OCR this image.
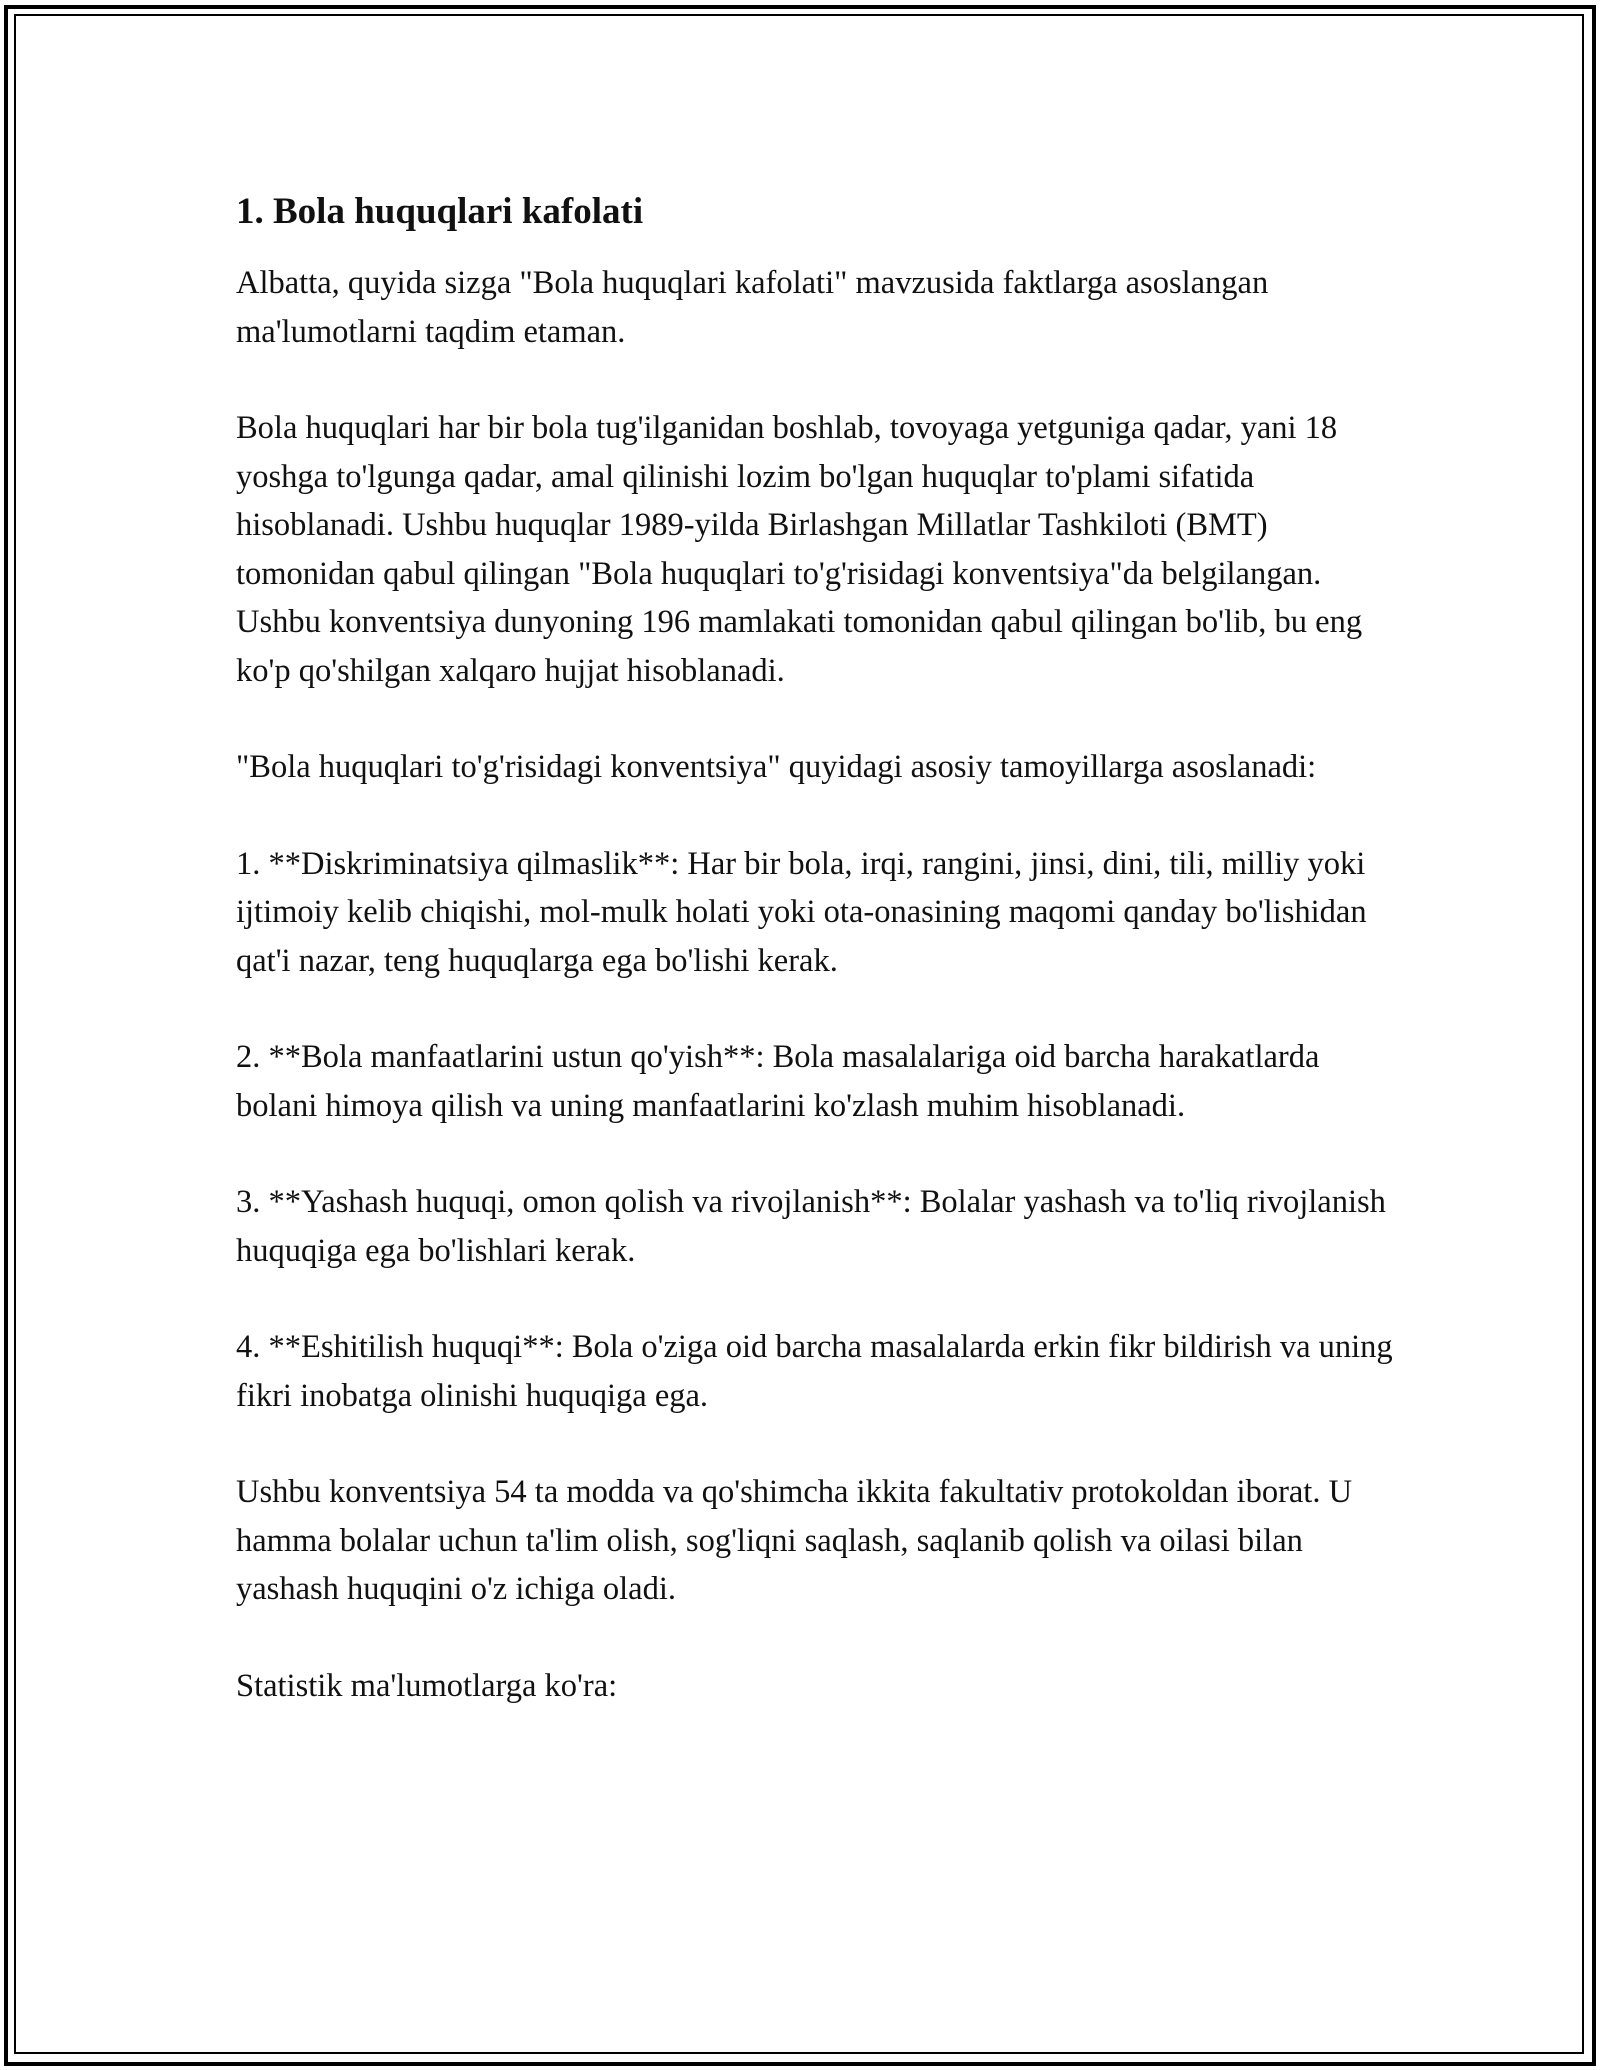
1. Bola huquqlari kafolati

Albatta, quyida sizga "Bola huquqlari kafolati" mavzusida faktlarga asoslangan ma'lumotlarni taqdim etaman.

Bola huquqlari har bir bola tug'ilganidan boshlab, tovoyaga yetguniga qadar, yani 18 yoshga to'lgunga qadar, amal qilinishi lozim bo'lgan huquqlar to'plami sifatida hisoblanadi. Ushbu huquqlar 1989-yilda Birlashgan Millatlar Tashkiloti (BMT) tomonidan qabul qilingan "Bola huquqlari to'g'risidagi konventsiya"da belgilangan. Ushbu konventsiya dunyoning 196 mamlakati tomonidan qabul qilingan bo'lib, bu eng ko'p qo'shilgan xalqaro hujjat hisoblanadi.

"Bola huquqlari to'g'risidagi konventsiya" quyidagi asosiy tamoyillarga asoslanadi:

1. **Diskriminatsiya qilmaslik**: Har bir bola, irqi, rangini, jinsi, dini, tili, milliy yoki ijtimoiy kelib chiqishi, mol-mulk holati yoki ota-onasining maqomi qanday bo'lishidan qat'i nazar, teng huquqlarga ega bo'lishi kerak.

2. **Bola manfaatlarini ustun qo'yish**: Bola masalalariga oid barcha harakatlarda bolani himoya qilish va uning manfaatlarini ko'zlash muhim hisoblanadi.

3. **Yashash huquqi, omon qolish va rivojlanish**: Bolalar yashash va to'liq rivojlanish huquqiga ega bo'lishlari kerak.

4. **Eshitilish huquqi**: Bola o'ziga oid barcha masalalarda erkin fikr bildirish va uning fikri inobatga olinishi huquqiga ega.

Ushbu konventsiya 54 ta modda va qo'shimcha ikkita fakultativ protokoldan iborat. U hamma bolalar uchun ta'lim olish, sog'liqni saqlash, saqlanib qolish va oilasi bilan yashash huquqini o'z ichiga oladi.

Statistik ma'lumotlarga ko'ra:
